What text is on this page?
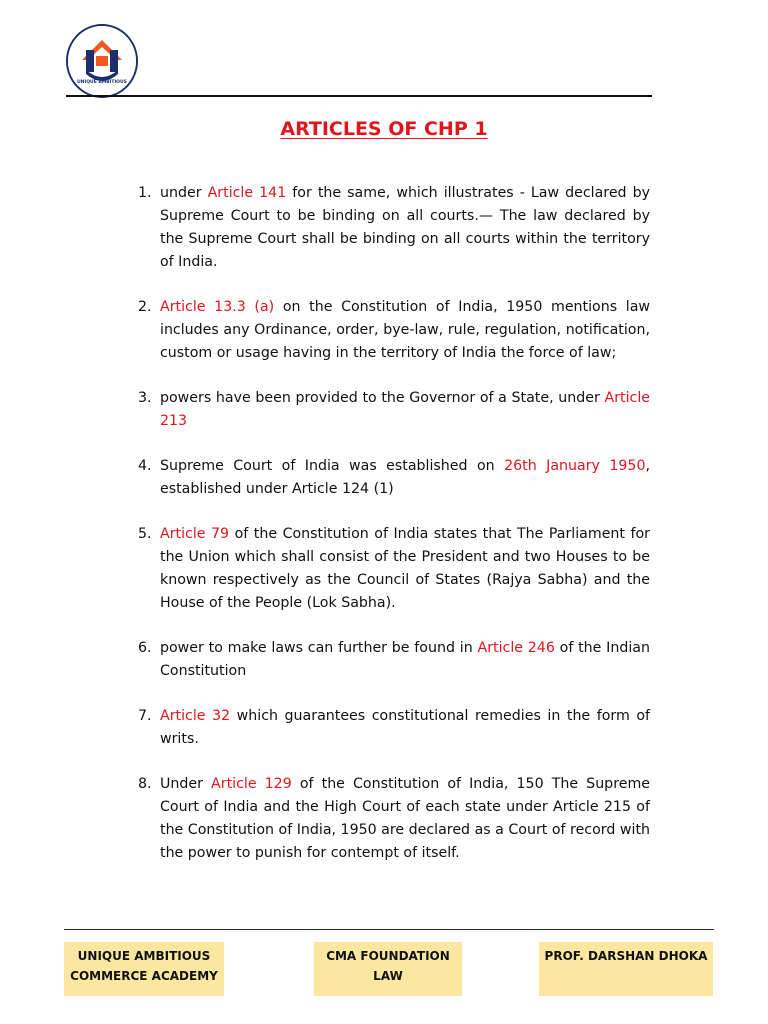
UNIQUE AMBITIOUS
ARTICLES OF CHP 1
1. under Article 141 for the same, which illustrates - Law declared by Supreme Court to be binding on all courts.— The law declared by the Supreme Court shall be binding on all courts within the territory of India.
2. Article 13.3 (a) on the Constitution of India, 1950 mentions law includes any Ordinance, order, bye-law, rule, regulation, notification, custom or usage having in the territory of India the force of law;
3. powers have been provided to the Governor of a State, under Article 213
4. Supreme Court of India was established on 26th January 1950, established under Article 124 (1)
5. Article 79 of the Constitution of India states that The Parliament for the Union which shall consist of the President and two Houses to be known respectively as the Council of States (Rajya Sabha) and the House of the People (Lok Sabha).
6. power to make laws can further be found in Article 246 of the Indian Constitution
7. Article 32 which guarantees constitutional remedies in the form of writs.
8. Under Article 129 of the Constitution of India, 150 The Supreme Court of India and the High Court of each state under Article 215 of the Constitution of India, 1950 are declared as a Court of record with the power to punish for contempt of itself.
UNIQUE AMBITIOUS
COMMERCE ACADEMY
CMA FOUNDATION
LAW
PROF. DARSHAN DHOKA
